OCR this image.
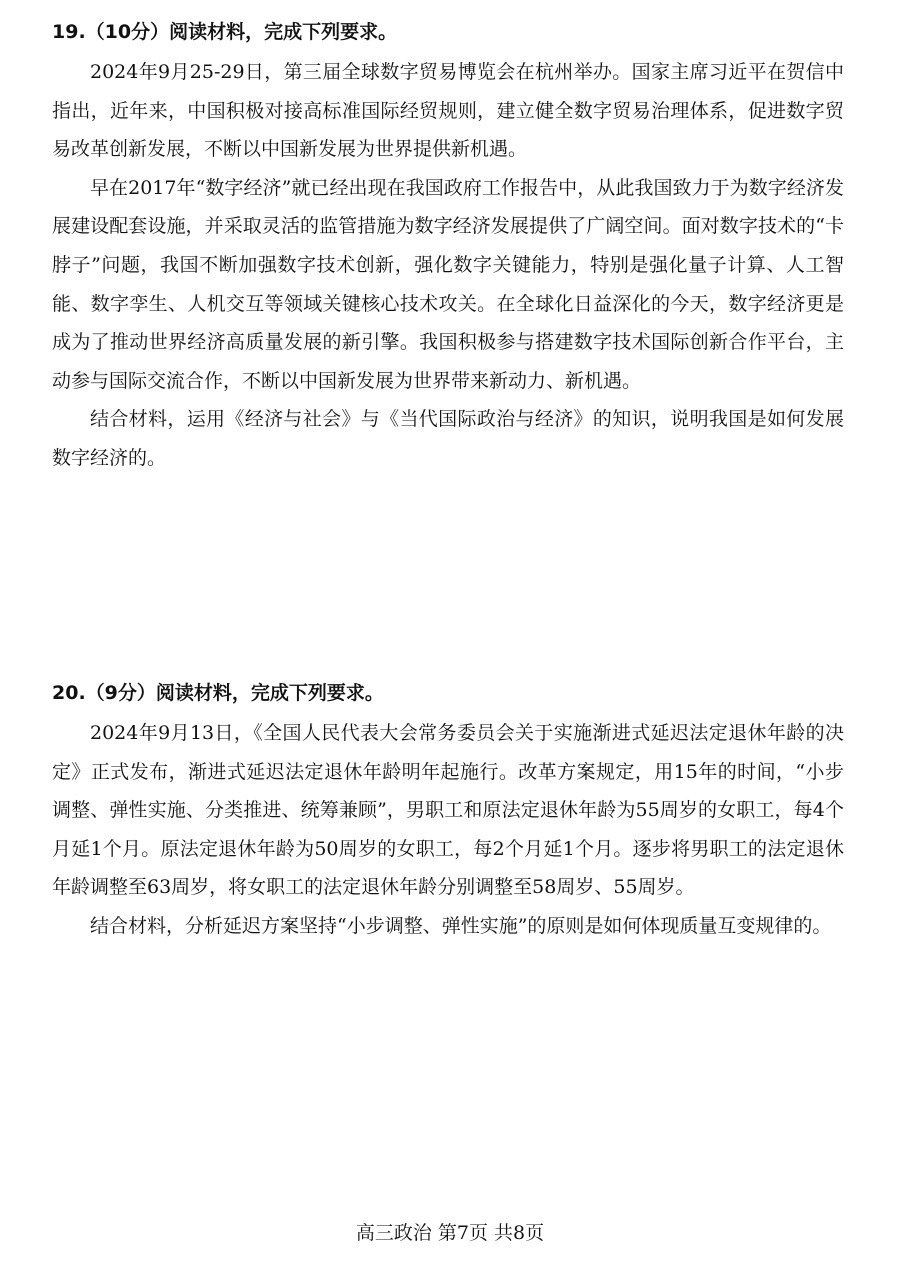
19.（10分）阅读材料，完成下列要求。

2024年9月25-29日，第三届全球数字贸易博览会在杭州举办。国家主席习近平在贺信中指出，近年来，中国积极对接高标准国际经贸规则，建立健全数字贸易治理体系，促进数字贸易改革创新发展，不断以中国新发展为世界提供新机遇。

早在2017年“数字经济”就已经出现在我国政府工作报告中，从此我国致力于为数字经济发展建设配套设施，并采取灵活的监管措施为数字经济发展提供了广阔空间。面对数字技术的“卡脖子”问题，我国不断加强数字技术创新，强化数字关键能力，特别是强化量子计算、人工智能、数字孪生、人机交互等领域关键核心技术攻关。在全球化日益深化的今天，数字经济更是成为了推动世界经济高质量发展的新引擎。我国积极参与搭建数字技术国际创新合作平台，主动参与国际交流合作，不断以中国新发展为世界带来新动力、新机遇。

结合材料，运用《经济与社会》与《当代国际政治与经济》的知识，说明我国是如何发展数字经济的。

20.（9分）阅读材料，完成下列要求。

2024年9月13日，《全国人民代表大会常务委员会关于实施渐进式延迟法定退休年龄的决定》正式发布，渐进式延迟法定退休年龄明年起施行。改革方案规定，用15年的时间，“小步调整、弹性实施、分类推进、统筹兼顾”，男职工和原法定退休年龄为55周岁的女职工，每4个月延1个月。原法定退休年龄为50周岁的女职工，每2个月延1个月。逐步将男职工的法定退休年龄调整至63周岁，将女职工的法定退休年龄分别调整至58周岁、55周岁。

结合材料，分析延迟方案坚持“小步调整、弹性实施”的原则是如何体现质量互变规律的。

高三政治 第7页 共8页
